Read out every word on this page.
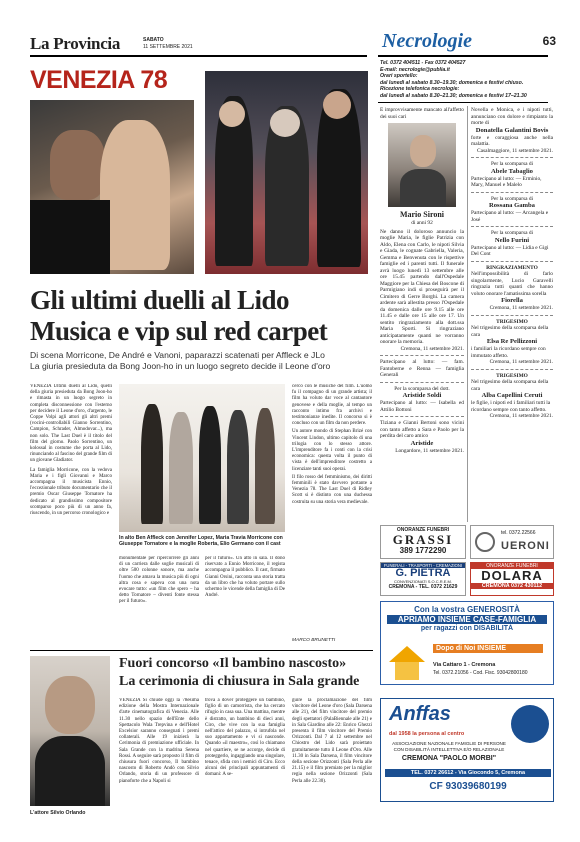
La Provincia	SABATO
11 SETTEMBRE 2021	Necrologie	63
Tel. 0372 404511 - Fax 0372 404527
E-mail: necrologie@publia.it
Orari sportello:
dal lunedì al sabato 8.30–19.30; domenica e festivi chiuso.
Ricezione telefonica necrologie:
dal lunedì al sabato 8.30–21.30; domenica e festivi 17–21.30
VENEZIA 78
Gli ultimi duelli al Lido
Musica e vip sul red carpet
Di scena Morricone, De André e Vanoni, paparazzi scatenati per Affleck e JLo
La giuria presieduta da Bong Joon-ho in un luogo segreto decide il Leone d'oro
VENEZIA Ultimi duelli al Lido, quelli della giuria presieduta da Bong Joon-ho e rimasta in un luogo segreto in completa disconnessione con l'esterno per decidere il Leone d'oro, d'argento, le Coppe Volpi agli attori gli altri premi (vocini-controllabili Gianno Sorrentino, Campion, Schrader, Almodovar...), ma non solo. The Last Duel è il titolo del film del giorno. Paolo Sorrentino, un kolossal in costume che porta al Lido, rinunciando al fascino del grande film di un giovane Gladiator.
La famiglia Morricone, con la vedova Maria e i figli Giovanni e Marco accompagna il musicista Ennio, l'eccezionale tributo documentario che il premio Oscar Giuseppe Tornatore ha dedicato al grandissimo compositore scomparso poco più di un anno fa, riuscendo, in un percorso cronologico e
In alto Ben Affleck con Jennifer Lopez, Maria Travia Morricone con Giuseppe Tornatore e la moglie Roberta, Elio Germano con il cast
monumentale per ripercorrere gli anni di un carriera dalle soglie musicali di oltre 500 colonne sonore, ma anche l'uomo che amava la musica più di ogni altra cosa e sapeva con una nota evocare tutto: «un film che spero – ha detto Tornatore – diventi fonte stessa per il futuro».
per il futuro». Un atto in sala. Il dono riservato a Ennio Morricone, il regista accompagna il pubblico. Il cast, firmato Gianni Orsini, racconta una storia tratta da un libro che ha voluto portare sullo schermo le vicende della famiglia di De André.
cerco con le musiche del film. L'uomo fu il compagno di un grande artista; il film ha voluto dar voce al cantautore genovese e della moglie, al tempo un racconto intimo fra archivi e testimonianze inedite. Il concorso si è concluso con un film da non perdere.
Un autore mondo di Stephan Brizé con Vincent Lindon, ultimo capitolo di una trilogia con lo stesso attore. L'imprenditore fa i conti con la crisi economica: questa volta il punto di vista è dell'imprenditore costretto a licenziare tanti suoi operai.
Il filo rosso del femminismo, dei diritti femminili è stato davvero portante a Venezia 78. The Last Duel di Ridley Scott si è distinto con una duchessa costruita su una storia vera medievale.
MARCO BRUNETTI
L'attore Silvio Orlando
Fuori concorso «Il bambino nascosto»
La cerimonia di chiusura in Sala grande
VENEZIA Si chiude oggi la 78esima edizione della Mostra Internazionale d'arte cinematografica di Venezia. Alle 11.30 nello spazio dell'Ente dello Spettacolo Wala Trepvina e dell'Hotel Excelsior saranno consegnati i premi collaterali. Alle 19 inizierà la Cerimonia di premiazione ufficiale. In Sala Grande con la madrina Serena Rossi. A seguire sarà proposto il film di chiusura fuori concorso, Il bambino nascosto di Roberto Andò con Silvio Orlando, storia di un professore di pianoforte che a Napoli si
trova a dover proteggere un bambino, figlio di un camorrista, che ha cercato rifugio in casa sua. Una mattina, mentre è distratto, un bambino di dieci anni, Ciro, che vive con la sua famiglia nell'attico del palazzo, si intrufola nel suo appartamento e vi si nasconde. Quando «il maestro», così lo chiamano nel quartiere, se ne accorge, decide di proteggerlo, ingaggiando una singolare, tenace, sfida con i nemici di Ciro. Ecco alcuni dei principali appuntamenti di domani: A se-
guire la proclamazione del film vincitore del Leone d'oro (Sala Darsena alle 21), del film vincitore del premio degli spettatori (PalaBiennale alle 21) e in Sala Giardino alle 22: Enrico Ghezzi presenta il film vincitore del Premio Orizzonti. Dal 7 al 12 settembre nel Chiostro del Lido sarà proiettato gratuitamente tutto il Leone d'Oro. Alle 11.30 in Sala Darsena, il film vincitore della sezione Orizzonti (Sala Perla alle 21.15) e il film premiato per la miglior regia nella sezione Orizzonti (Sala Perla alle 22.30).
È improvvisamente mancato all'affetto dei suoi cari
Mario Sironi
di anni 92
Ne danno il doloroso annuncio la moglie Maria, le figlie Patrizia con Aldo, Elena con Carlo, le nipoti Silvia e Giada, le cognate Gabriella, Valeria, Gemma e Benvenuta con le rispettive famiglie ed i parenti tutti. Il funerale avrà luogo lunedì 13 settembre alle ore 15.45 partendo dall'Ospedale Maggiore per la Chiesa del Boscone di Parmigiano indi si proseguirà per il Cimitero di Gerre Borghi. La camera ardente sarà allestita presso l'Ospedale da domenica dalle ore 9.15 alle ore 11.45 e dalle ore 15 alle ore 17. Un sentito ringraziamento alla dott.ssa Maria Sporti. Si ringraziano anticipatamente quanti ne vorranno onorare la memoria.
Cremona, 11 settembre 2021.
Partecipano al lutto: — fam. Fantoberne e Renna — famiglia Generali
Per la scomparsa del dott.
Aristide Soldi
Partecipano al lutto: — Isabella ed Attilio Bottoni
Tiziana e Gianni Bertoni sono vicini con tanto affetto a Sara e Paolo per la perdita del caro amico
Aristide
Longardore, 11 settembre 2021.
Novella e Monica, e i nipoti tutti, annunciano con dolore e rimpianto la morte di
Donatella Galantini Bovis
forte e coraggiosa anche nella malattia.
Casalmaggiore, 11 settembre 2021.
Per la scomparsa di
Abele Tabaglio
Partecipano al lutto: — Erminio, Mary, Manuel e Malelo
Per la scomparsa di
Rossana Gamba
Partecipano al lutto: — Arcangela e José
Per la scomparsa di
Nello Furini
Partecipano al lutto: — Lidia e Gigi Del Cont
RINGRAZIAMENTO
Nell'impossibilità di farlo singolarmente, Lucio Garavelli ringrazia tutti quanti che hanno voluto onorare l'amatissima sorella
Fiorella
Cremona, 11 settembre 2021.
TRIGESIMO
Nel trigesimo della scomparsa della cara
Elsa Re Pellizzoni
i familiari la ricordano sempre con immutato affetto.
Cremona, 11 settembre 2021.
TRIGESIMO
Nel trigesimo della scomparsa della cara
Alba Capellini Ceruti
le figlie, i nipoti ed i familiari tutti la ricordano sempre con tanto affetto.
Cremona, 11 settembre 2021.
ONORANZE FUNEBRI
GRASSI
389 1772290
tel. 0372.22566
UERONI
FUNERALI - TRASPORTI - CREMAZIONI
G. PIETRA
CONVENZIONATI S.O.C.R.E.M.
CREMONA - TEL. 0372 21629
ONORANZE FUNEBRI
DOLARA
CREMONA 0372 430112
Con la vostra GENEROSITÀ
APRIAMO INSIEME CASE-FAMIGLIA
per ragazzi con DISABILITÀ
Dopo di Noi INSIEME
Via Cattaro 1 - Cremona
Tel. 0372.21056 - Cod. Fisc. 93042800180
Anffas
dal 1958 la persona al centro
ASSOCIAZIONE NAZIONALE FAMIGLIE DI PERSONE CON DISABILITÀ INTELLETTIVA E/O RELAZIONALE
CREMONA "PAOLO MORBI"
TEL. 0372 26612 - Via Giocondo 5, Cremona
CF 93039680199
